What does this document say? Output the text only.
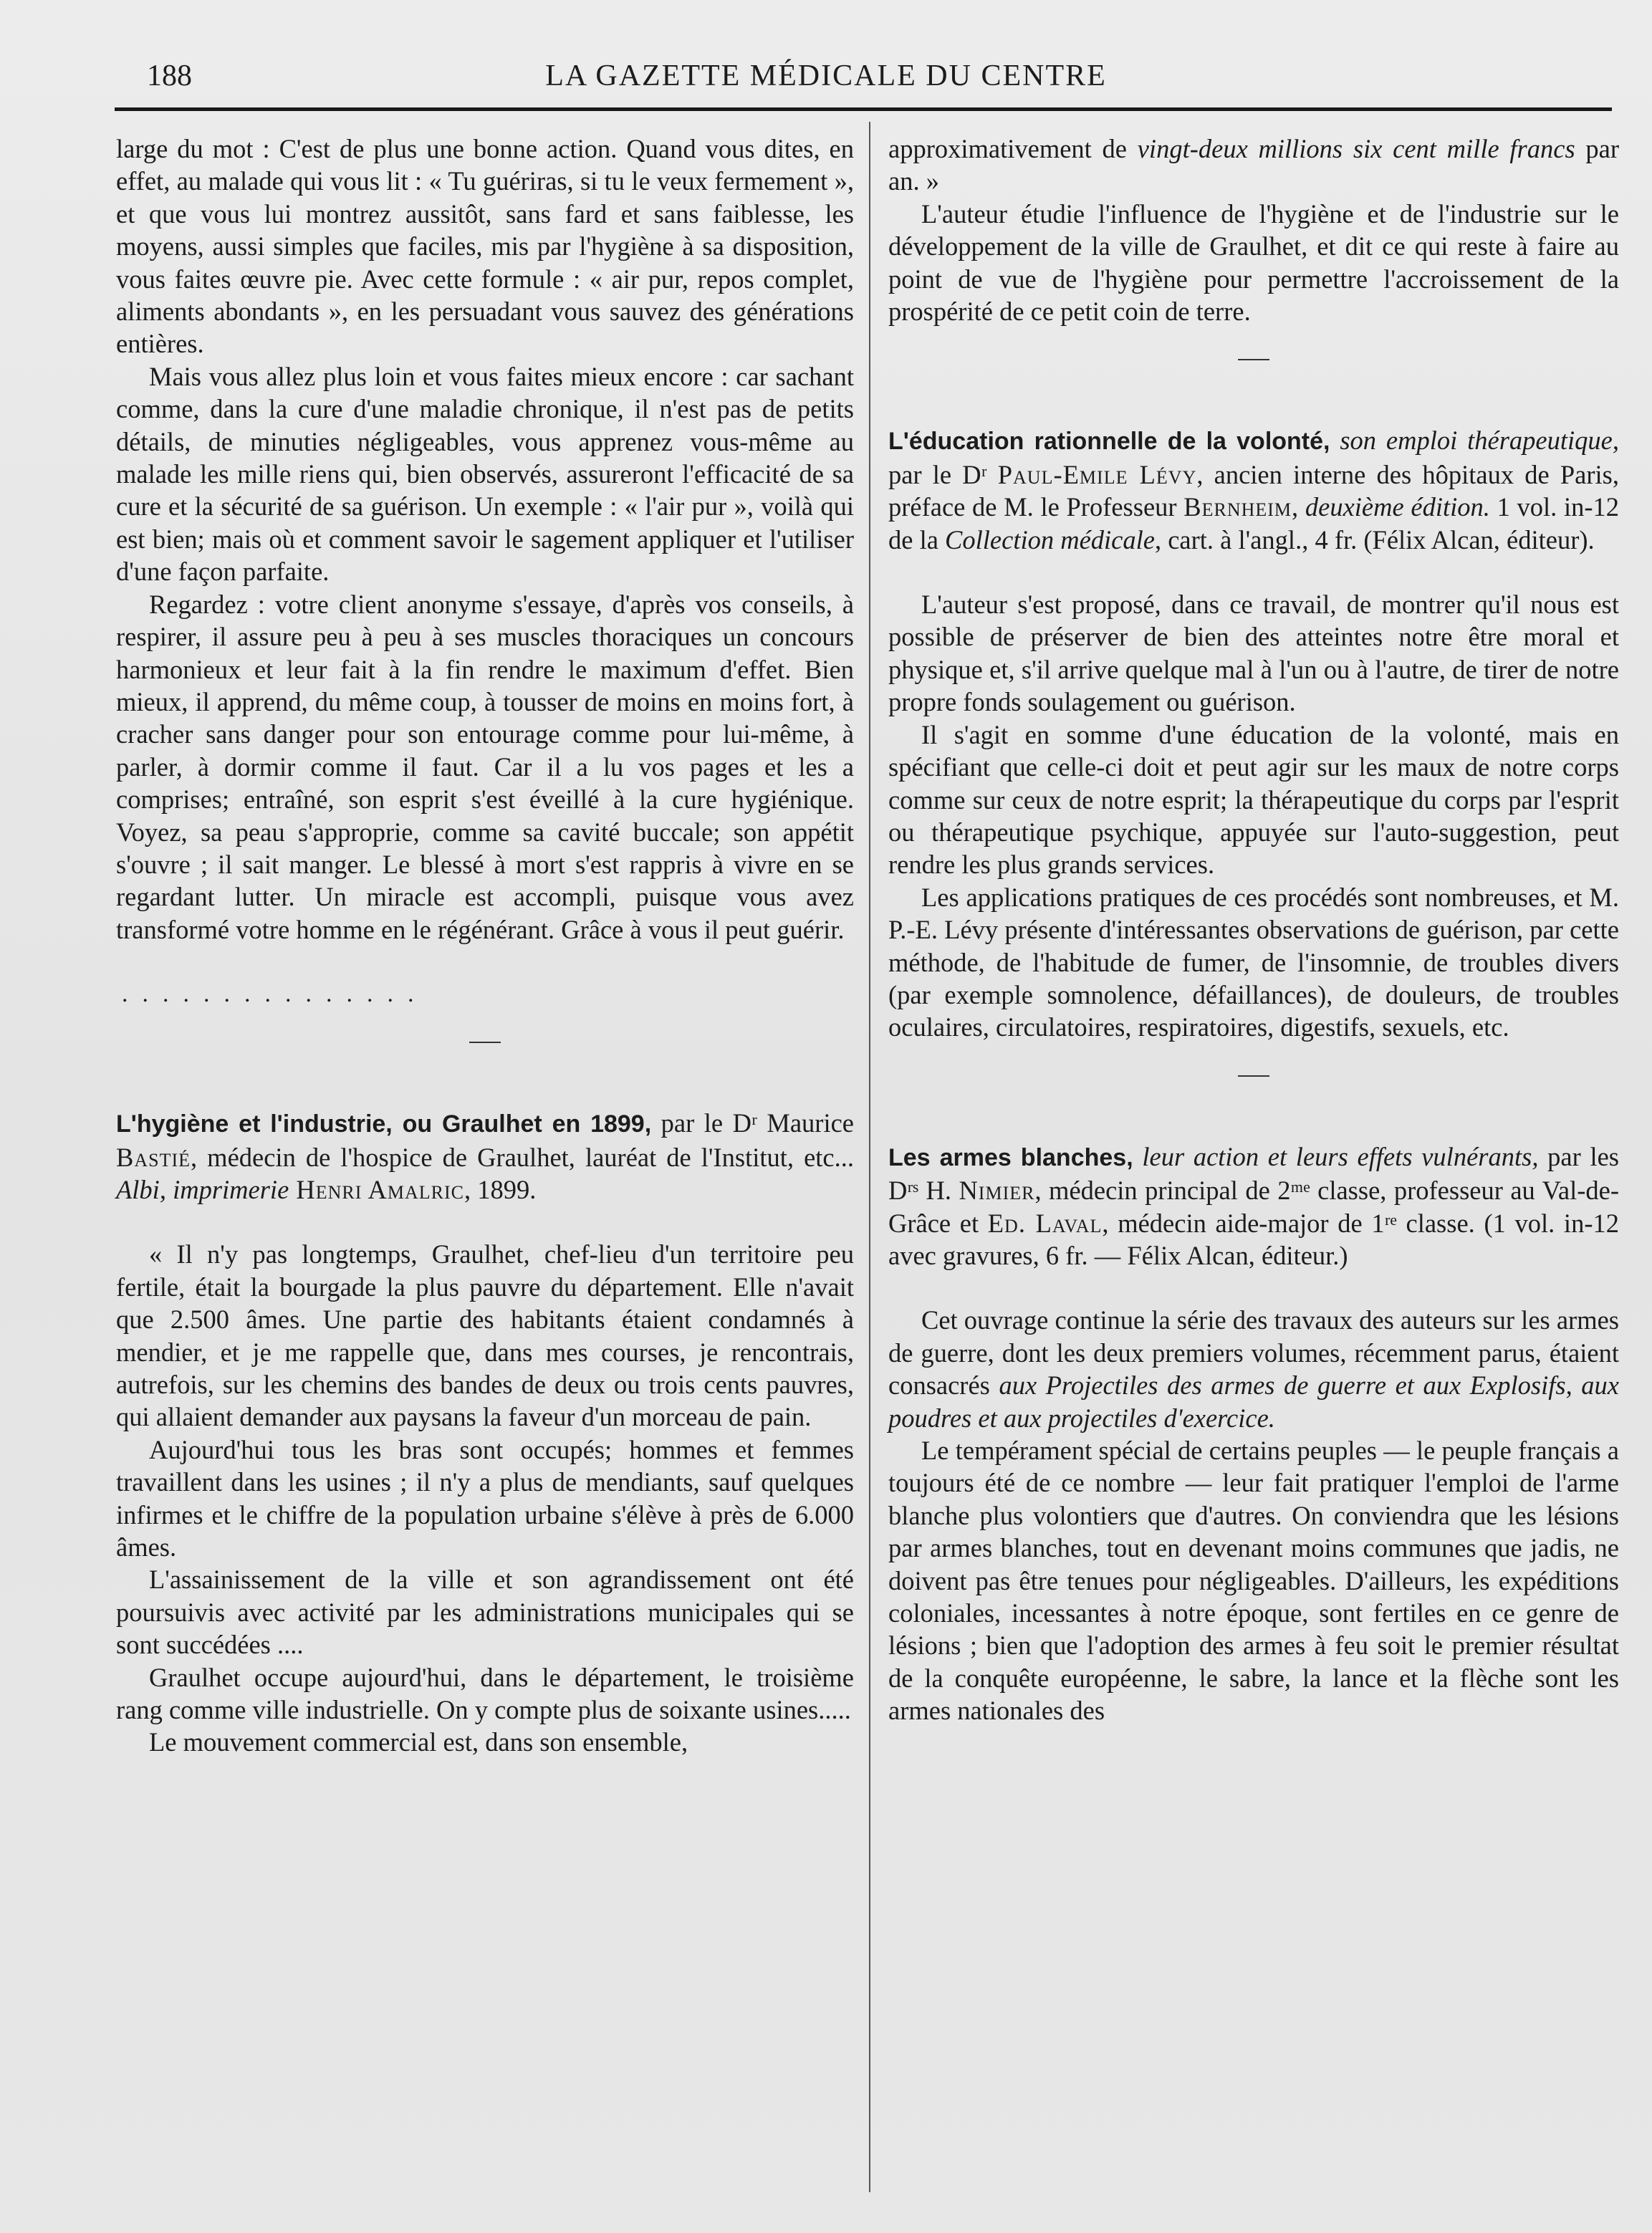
188	LA GAZETTE MÉDICALE DU CENTRE

large du mot : C'est de plus une bonne action. Quand vous dites, en effet, au malade qui vous lit : « Tu guériras, si tu le veux fermement », et que vous lui montrez aussitôt, sans fard et sans faiblesse, les moyens, aussi simples que faciles, mis par l'hygiène à sa disposition, vous faites œuvre pie. Avec cette formule : « air pur, repos complet, aliments abondants », en les persuadant vous sauvez des générations entières.

Mais vous allez plus loin et vous faites mieux encore : car sachant comme, dans la cure d'une maladie chronique, il n'est pas de petits détails, de minuties négligeables, vous apprenez vous-même au malade les mille riens qui, bien observés, assureront l'efficacité de sa cure et la sécurité de sa guérison. Un exemple : « l'air pur », voilà qui est bien; mais où et comment savoir le sagement appliquer et l'utiliser d'une façon parfaite.

Regardez : votre client anonyme s'essaye, d'après vos conseils, à respirer, il assure peu à peu à ses muscles thoraciques un concours harmonieux et leur fait à la fin rendre le maximum d'effet. Bien mieux, il apprend, du même coup, à tousser de moins en moins fort, à cracher sans danger pour son entourage comme pour lui-même, à parler, à dormir comme il faut. Car il a lu vos pages et les a comprises; entraîné, son esprit s'est éveillé à la cure hygiénique. Voyez, sa peau s'approprie, comme sa cavité buccale; son appétit s'ouvre ; il sait manger. Le blessé à mort s'est rappris à vivre en se regardant lutter. Un miracle est accompli, puisque vous avez transformé votre homme en le régénérant. Grâce à vous il peut guérir.

...............

L'hygiène et l'industrie, ou Graulhet en 1899, par le Dʳ Maurice Bastié, médecin de l'hospice de Graulhet, lauréat de l'Institut, etc... Albi, imprimerie Henri Amalric, 1899.

« Il n'y pas longtemps, Graulhet, chef-lieu d'un territoire peu fertile, était la bourgade la plus pauvre du département. Elle n'avait que 2.500 âmes. Une partie des habitants étaient condamnés à mendier, et je me rappelle que, dans mes courses, je rencontrais, autrefois, sur les chemins des bandes de deux ou trois cents pauvres, qui allaient demander aux paysans la faveur d'un morceau de pain.

Aujourd'hui tous les bras sont occupés; hommes et femmes travaillent dans les usines ; il n'y a plus de mendiants, sauf quelques infirmes et le chiffre de la population urbaine s'élève à près de 6.000 âmes.

L'assainissement de la ville et son agrandissement ont été poursuivis avec activité par les administrations municipales qui se sont succédées ....

Graulhet occupe aujourd'hui, dans le département, le troisième rang comme ville industrielle. On y compte plus de soixante usines.....

Le mouvement commercial est, dans son ensemble,

approximativement de vingt-deux millions six cent mille francs par an. »

L'auteur étudie l'influence de l'hygiène et de l'industrie sur le développement de la ville de Graulhet, et dit ce qui reste à faire au point de vue de l'hygiène pour permettre l'accroissement de la prospérité de ce petit coin de terre.

L'éducation rationnelle de la volonté, son emploi thérapeutique, par le Dʳ Paul-Emile Lévy, ancien interne des hôpitaux de Paris, préface de M. le Professeur Bernheim, deuxième édition. 1 vol. in-12 de la Collection médicale, cart. à l'angl., 4 fr. (Félix Alcan, éditeur).

L'auteur s'est proposé, dans ce travail, de montrer qu'il nous est possible de préserver de bien des atteintes notre être moral et physique et, s'il arrive quelque mal à l'un ou à l'autre, de tirer de notre propre fonds soulagement ou guérison.

Il s'agit en somme d'une éducation de la volonté, mais en spécifiant que celle-ci doit et peut agir sur les maux de notre corps comme sur ceux de notre esprit; la thérapeutique du corps par l'esprit ou thérapeutique psychique, appuyée sur l'auto-suggestion, peut rendre les plus grands services.

Les applications pratiques de ces procédés sont nombreuses, et M. P.-E. Lévy présente d'intéressantes observations de guérison, par cette méthode, de l'habitude de fumer, de l'insomnie, de troubles divers (par exemple somnolence, défaillances), de douleurs, de troubles oculaires, circulatoires, respiratoires, digestifs, sexuels, etc.

Les armes blanches, leur action et leurs effets vulnérants, par les Dʳˢ H. Nimier, médecin principal de 2ᵐᵉ classe, professeur au Val-de-Grâce et Ed. Laval, médecin aide-major de 1ʳᵉ classe. (1 vol. in-12 avec gravures, 6 fr. — Félix Alcan, éditeur.)

Cet ouvrage continue la série des travaux des auteurs sur les armes de guerre, dont les deux premiers volumes, récemment parus, étaient consacrés aux Projectiles des armes de guerre et aux Explosifs, aux poudres et aux projectiles d'exercice.

Le tempérament spécial de certains peuples — le peuple français a toujours été de ce nombre — leur fait pratiquer l'emploi de l'arme blanche plus volontiers que d'autres. On conviendra que les lésions par armes blanches, tout en devenant moins communes que jadis, ne doivent pas être tenues pour négligeables. D'ailleurs, les expéditions coloniales, incessantes à notre époque, sont fertiles en ce genre de lésions ; bien que l'adoption des armes à feu soit le premier résultat de la conquête européenne, le sabre, la lance et la flèche sont les armes nationales des
